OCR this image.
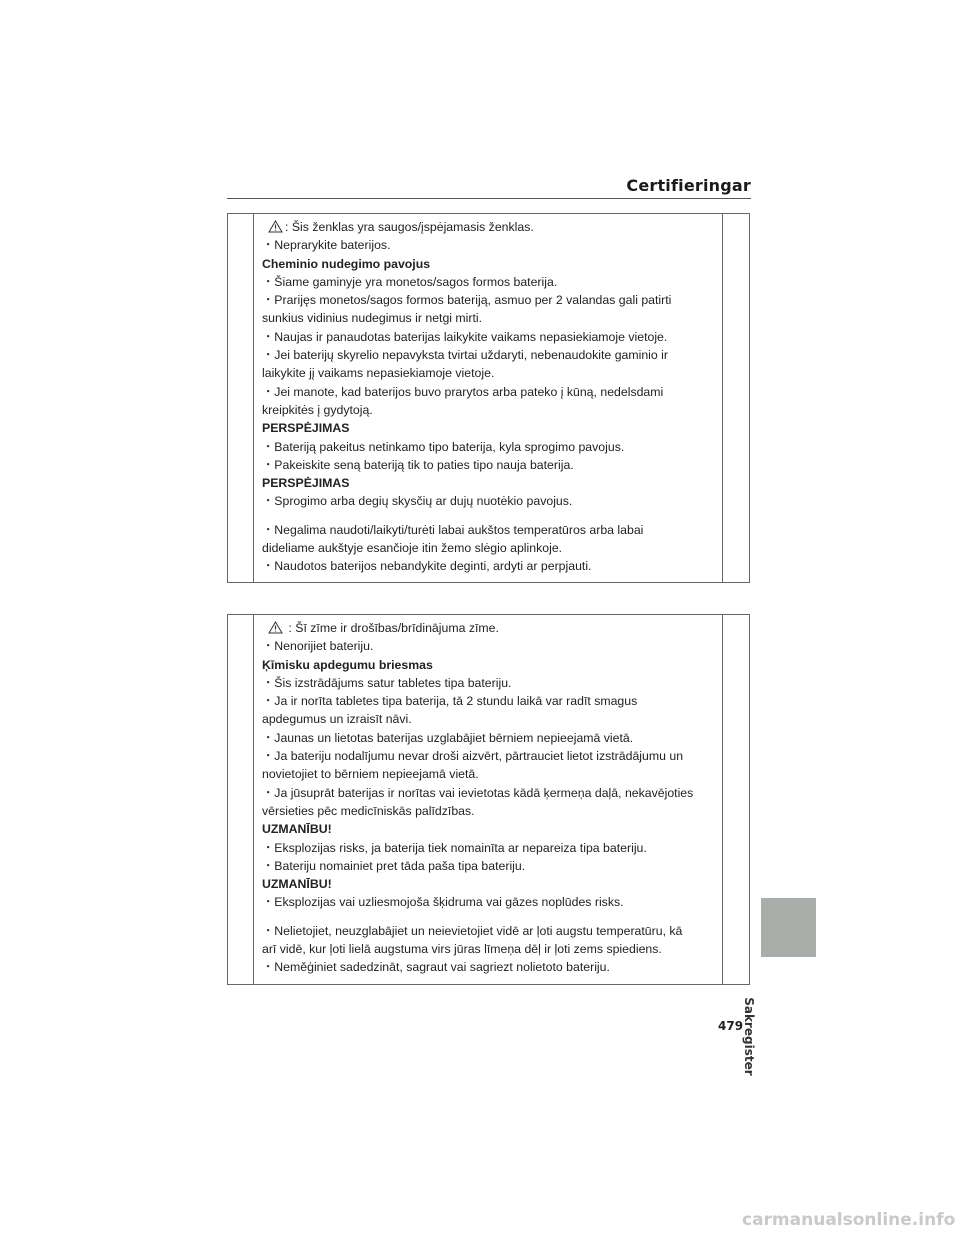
Certifieringar
: Šis ženklas yra saugos/įspėjamasis ženklas.
・Neprarykite baterijos.
Cheminio nudegimo pavojus
・Šiame gaminyje yra monetos/sagos formos baterija.
・Prarijęs monetos/sagos formos bateriją, asmuo per 2 valandas gali patirti
sunkius vidinius nudegimus ir netgi mirti.
・Naujas ir panaudotas baterijas laikykite vaikams nepasiekiamoje vietoje.
・Jei baterijų skyrelio nepavyksta tvirtai uždaryti, nebenaudokite gaminio ir
laikykite jį vaikams nepasiekiamoje vietoje.
・Jei manote, kad baterijos buvo prarytos arba pateko į kūną, nedelsdami
kreipkitės į gydytoją.
PERSPĖJIMAS
・Bateriją pakeitus netinkamo tipo baterija, kyla sprogimo pavojus.
・Pakeiskite seną bateriją tik to paties tipo nauja baterija.
PERSPĖJIMAS
・Sprogimo arba degių skysčių ar dujų nuotėkio pavojus.
・Negalima naudoti/laikyti/turėti labai aukštos temperatūros arba labai
dideliame aukštyje esančioje itin žemo slėgio aplinkoje.
・Naudotos baterijos nebandykite deginti, ardyti ar perpjauti.
: Šī zīme ir drošības/brīdinājuma zīme.
・Nenorijiet bateriju.
Ķīmisku apdegumu briesmas
・Šis izstrādājums satur tabletes tipa bateriju.
・Ja ir norīta tabletes tipa baterija, tā 2 stundu laikā var radīt smagus
apdegumus un izraisīt nāvi.
・Jaunas un lietotas baterijas uzglabājiet bērniem nepieejamā vietā.
・Ja bateriju nodalījumu nevar droši aizvērt, pārtrauciet lietot izstrādājumu un
novietojiet to bērniem nepieejamā vietā.
・Ja jūsuprāt baterijas ir norītas vai ievietotas kādā ķermeņa daļā, nekavējoties
vērsieties pēc medicīniskās palīdzības.
UZMANĪBU!
・Eksplozijas risks, ja baterija tiek nomainīta ar nepareiza tipa bateriju.
・Bateriju nomainiet pret tāda paša tipa bateriju.
UZMANĪBU!
・Eksplozijas vai uzliesmojoša šķidruma vai gāzes noplūdes risks.
・Nelietojiet, neuzglabājiet un neievietojiet vidē ar ļoti augstu temperatūru, kā
arī vidē, kur ļoti lielā augstuma virs jūras līmeņa dēļ ir ļoti zems spiediens.
・Neměģiniet sadedzināt, sagraut vai sagriezt nolietoto bateriju.
Sakregister
479
carmanualsonline.info
